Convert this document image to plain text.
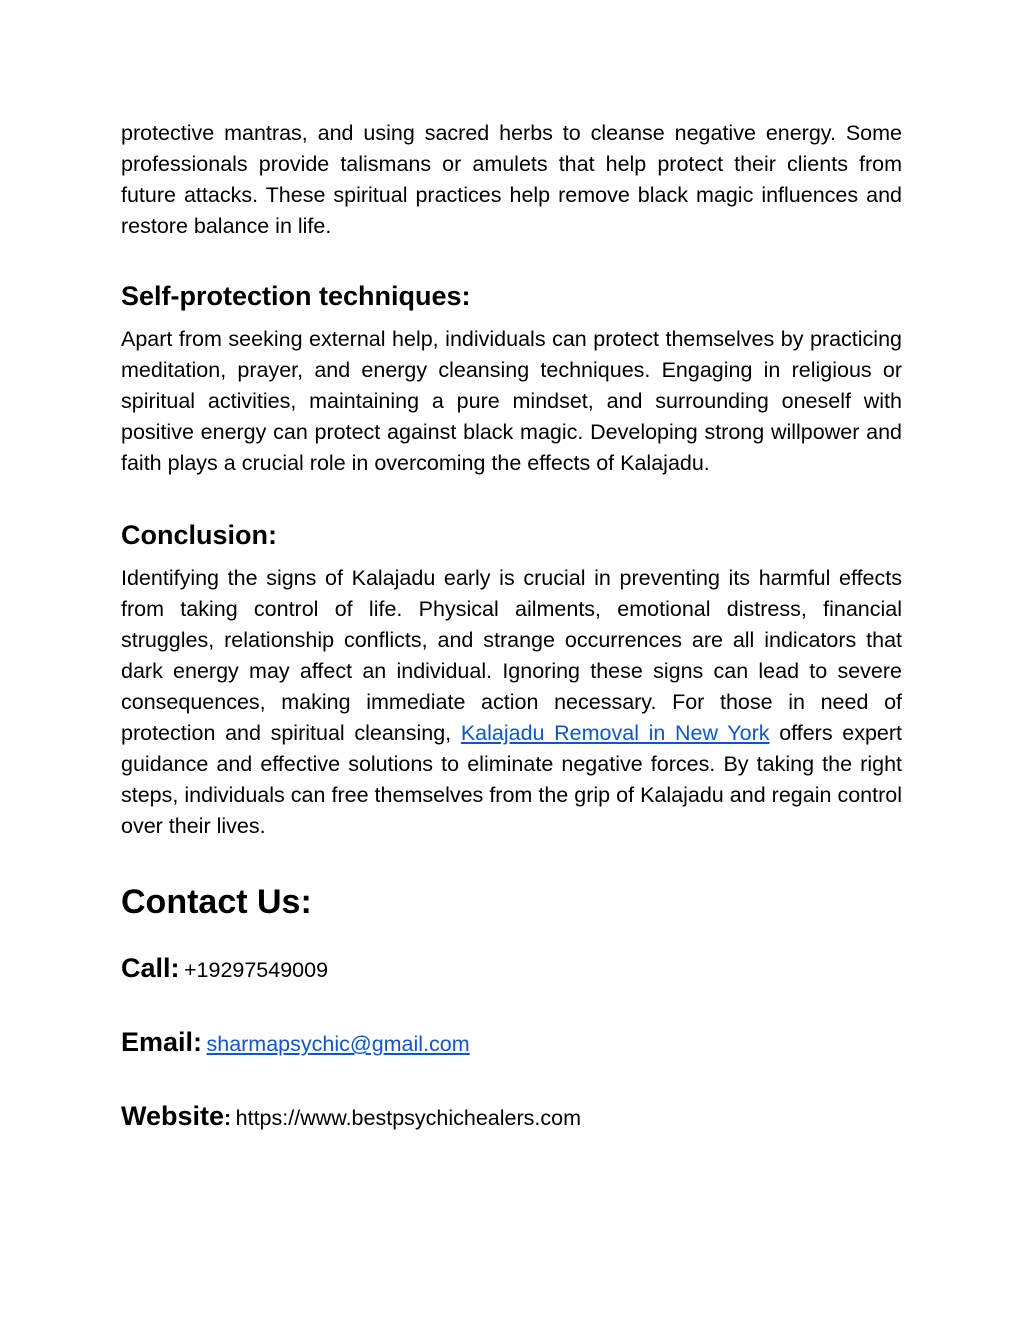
protective mantras, and using sacred herbs to cleanse negative energy. Some professionals provide talismans or amulets that help protect their clients from future attacks. These spiritual practices help remove black magic influences and restore balance in life.

Self-protection techniques:

Apart from seeking external help, individuals can protect themselves by practicing meditation, prayer, and energy cleansing techniques. Engaging in religious or spiritual activities, maintaining a pure mindset, and surrounding oneself with positive energy can protect against black magic. Developing strong willpower and faith plays a crucial role in overcoming the effects of Kalajadu.

Conclusion:

Identifying the signs of Kalajadu early is crucial in preventing its harmful effects from taking control of life. Physical ailments, emotional distress, financial struggles, relationship conflicts, and strange occurrences are all indicators that dark energy may affect an individual. Ignoring these signs can lead to severe consequences, making immediate action necessary. For those in need of protection and spiritual cleansing, Kalajadu Removal in New York offers expert guidance and effective solutions to eliminate negative forces. By taking the right steps, individuals can free themselves from the grip of Kalajadu and regain control over their lives.

Contact Us:
Call: +19297549009
Email: sharmapsychic@gmail.com
Website: https://www.bestpsychichealers.com
